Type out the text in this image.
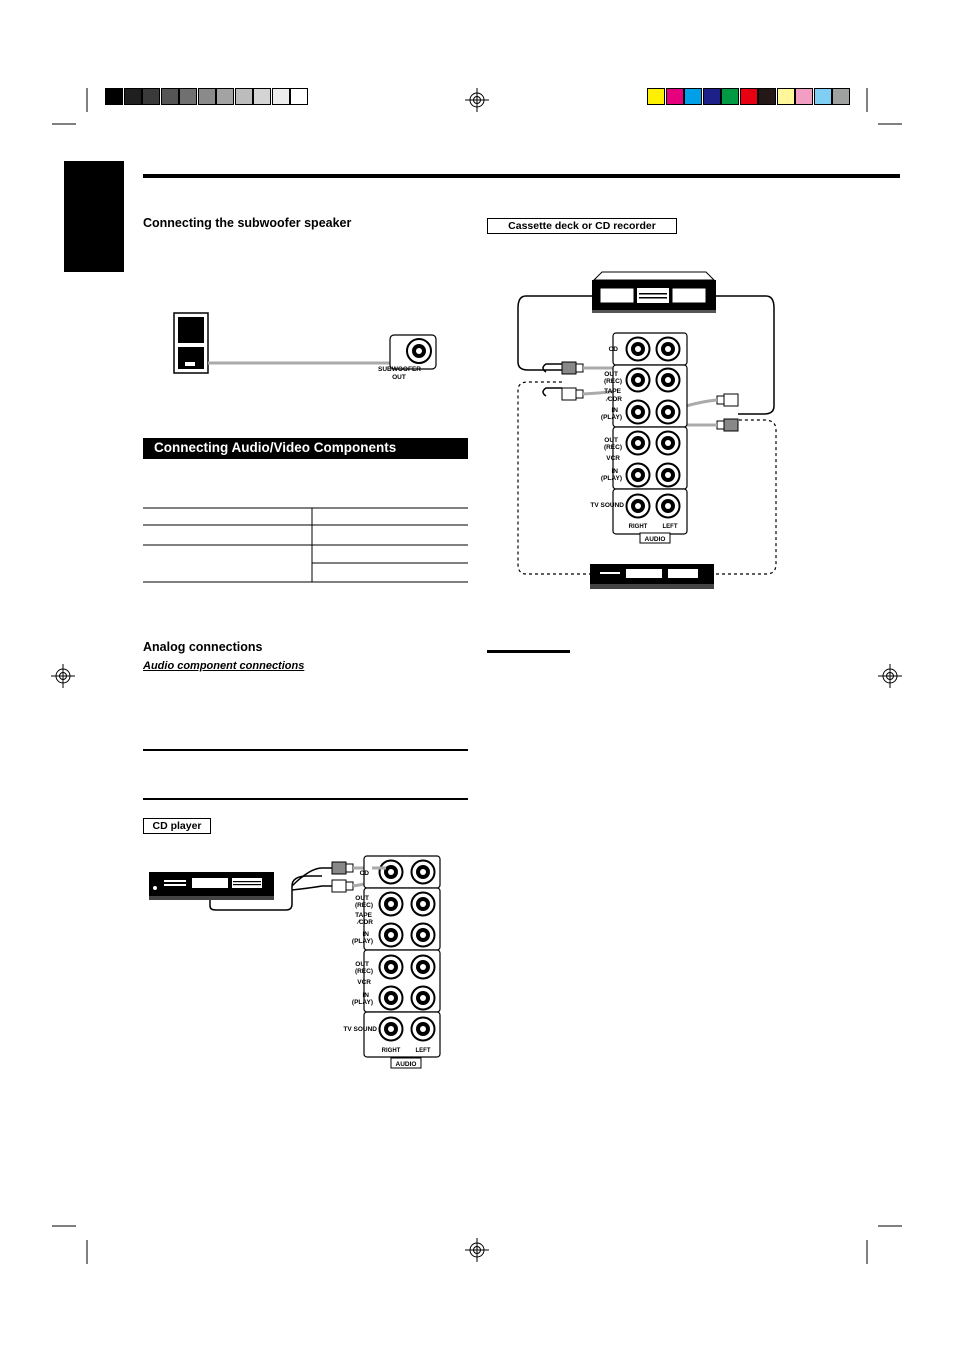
Connecting the subwoofer speaker
SUBWOOFER
OUT
Connecting Audio/Video Components
Analog connections
Audio component connections
CD player
CD
OUT
(REC)
TAPE
⁄CDR
IN
(PLAY)
OUT
(REC)
VCR
IN
(PLAY)
TV SOUND
RIGHT	LEFT
AUDIO
Cassette deck or CD recorder
CD
OUT
(REC)
TAPE
⁄CDR
IN
(PLAY)
OUT
(REC)
VCR
IN
(PLAY)
TV SOUND
RIGHT	LEFT
AUDIO
